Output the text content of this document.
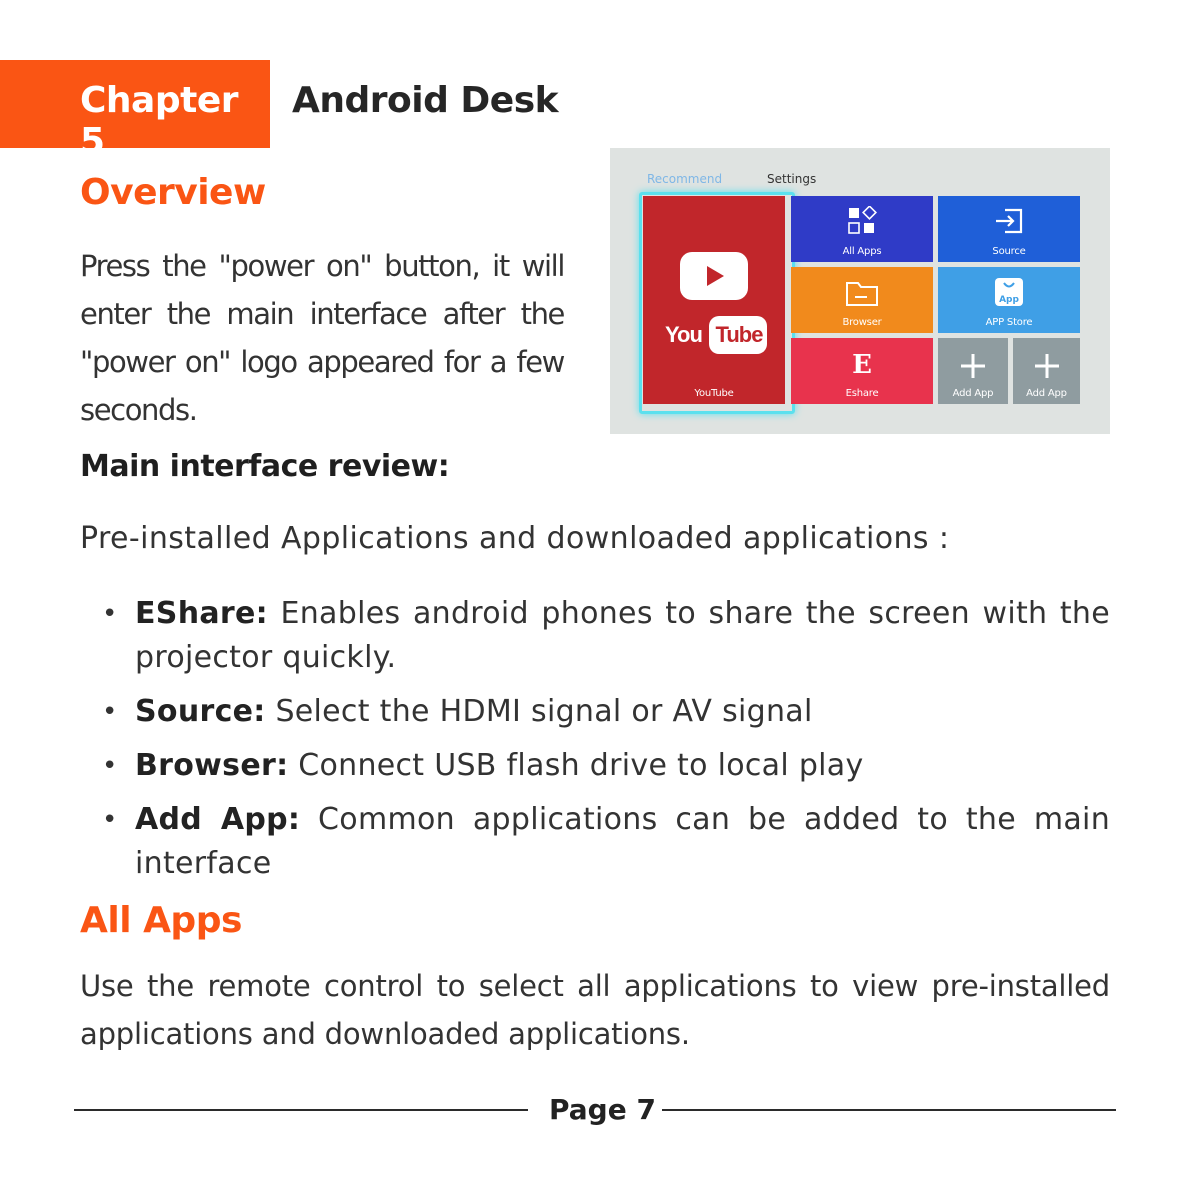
Chapter 5
Android Desk
Overview
Press the "power on" button, it will enter the main interface after the "power on" logo appeared for a few seconds.
Recommend	Settings
You Tube
YouTube
All Apps	Source
Browser
App
APP Store
E
Eshare	Add App	Add App
Main interface review:
Pre-installed Applications and downloaded applications :
• EShare: Enables android phones to share the screen with the projector quickly.
• Source: Select the HDMI signal or AV signal
• Browser: Connect USB flash drive to local play
• Add App: Common applications can be added to the main interface
All Apps
Use the remote control to select all applications to view pre-installed applications and downloaded applications.
Page 7
